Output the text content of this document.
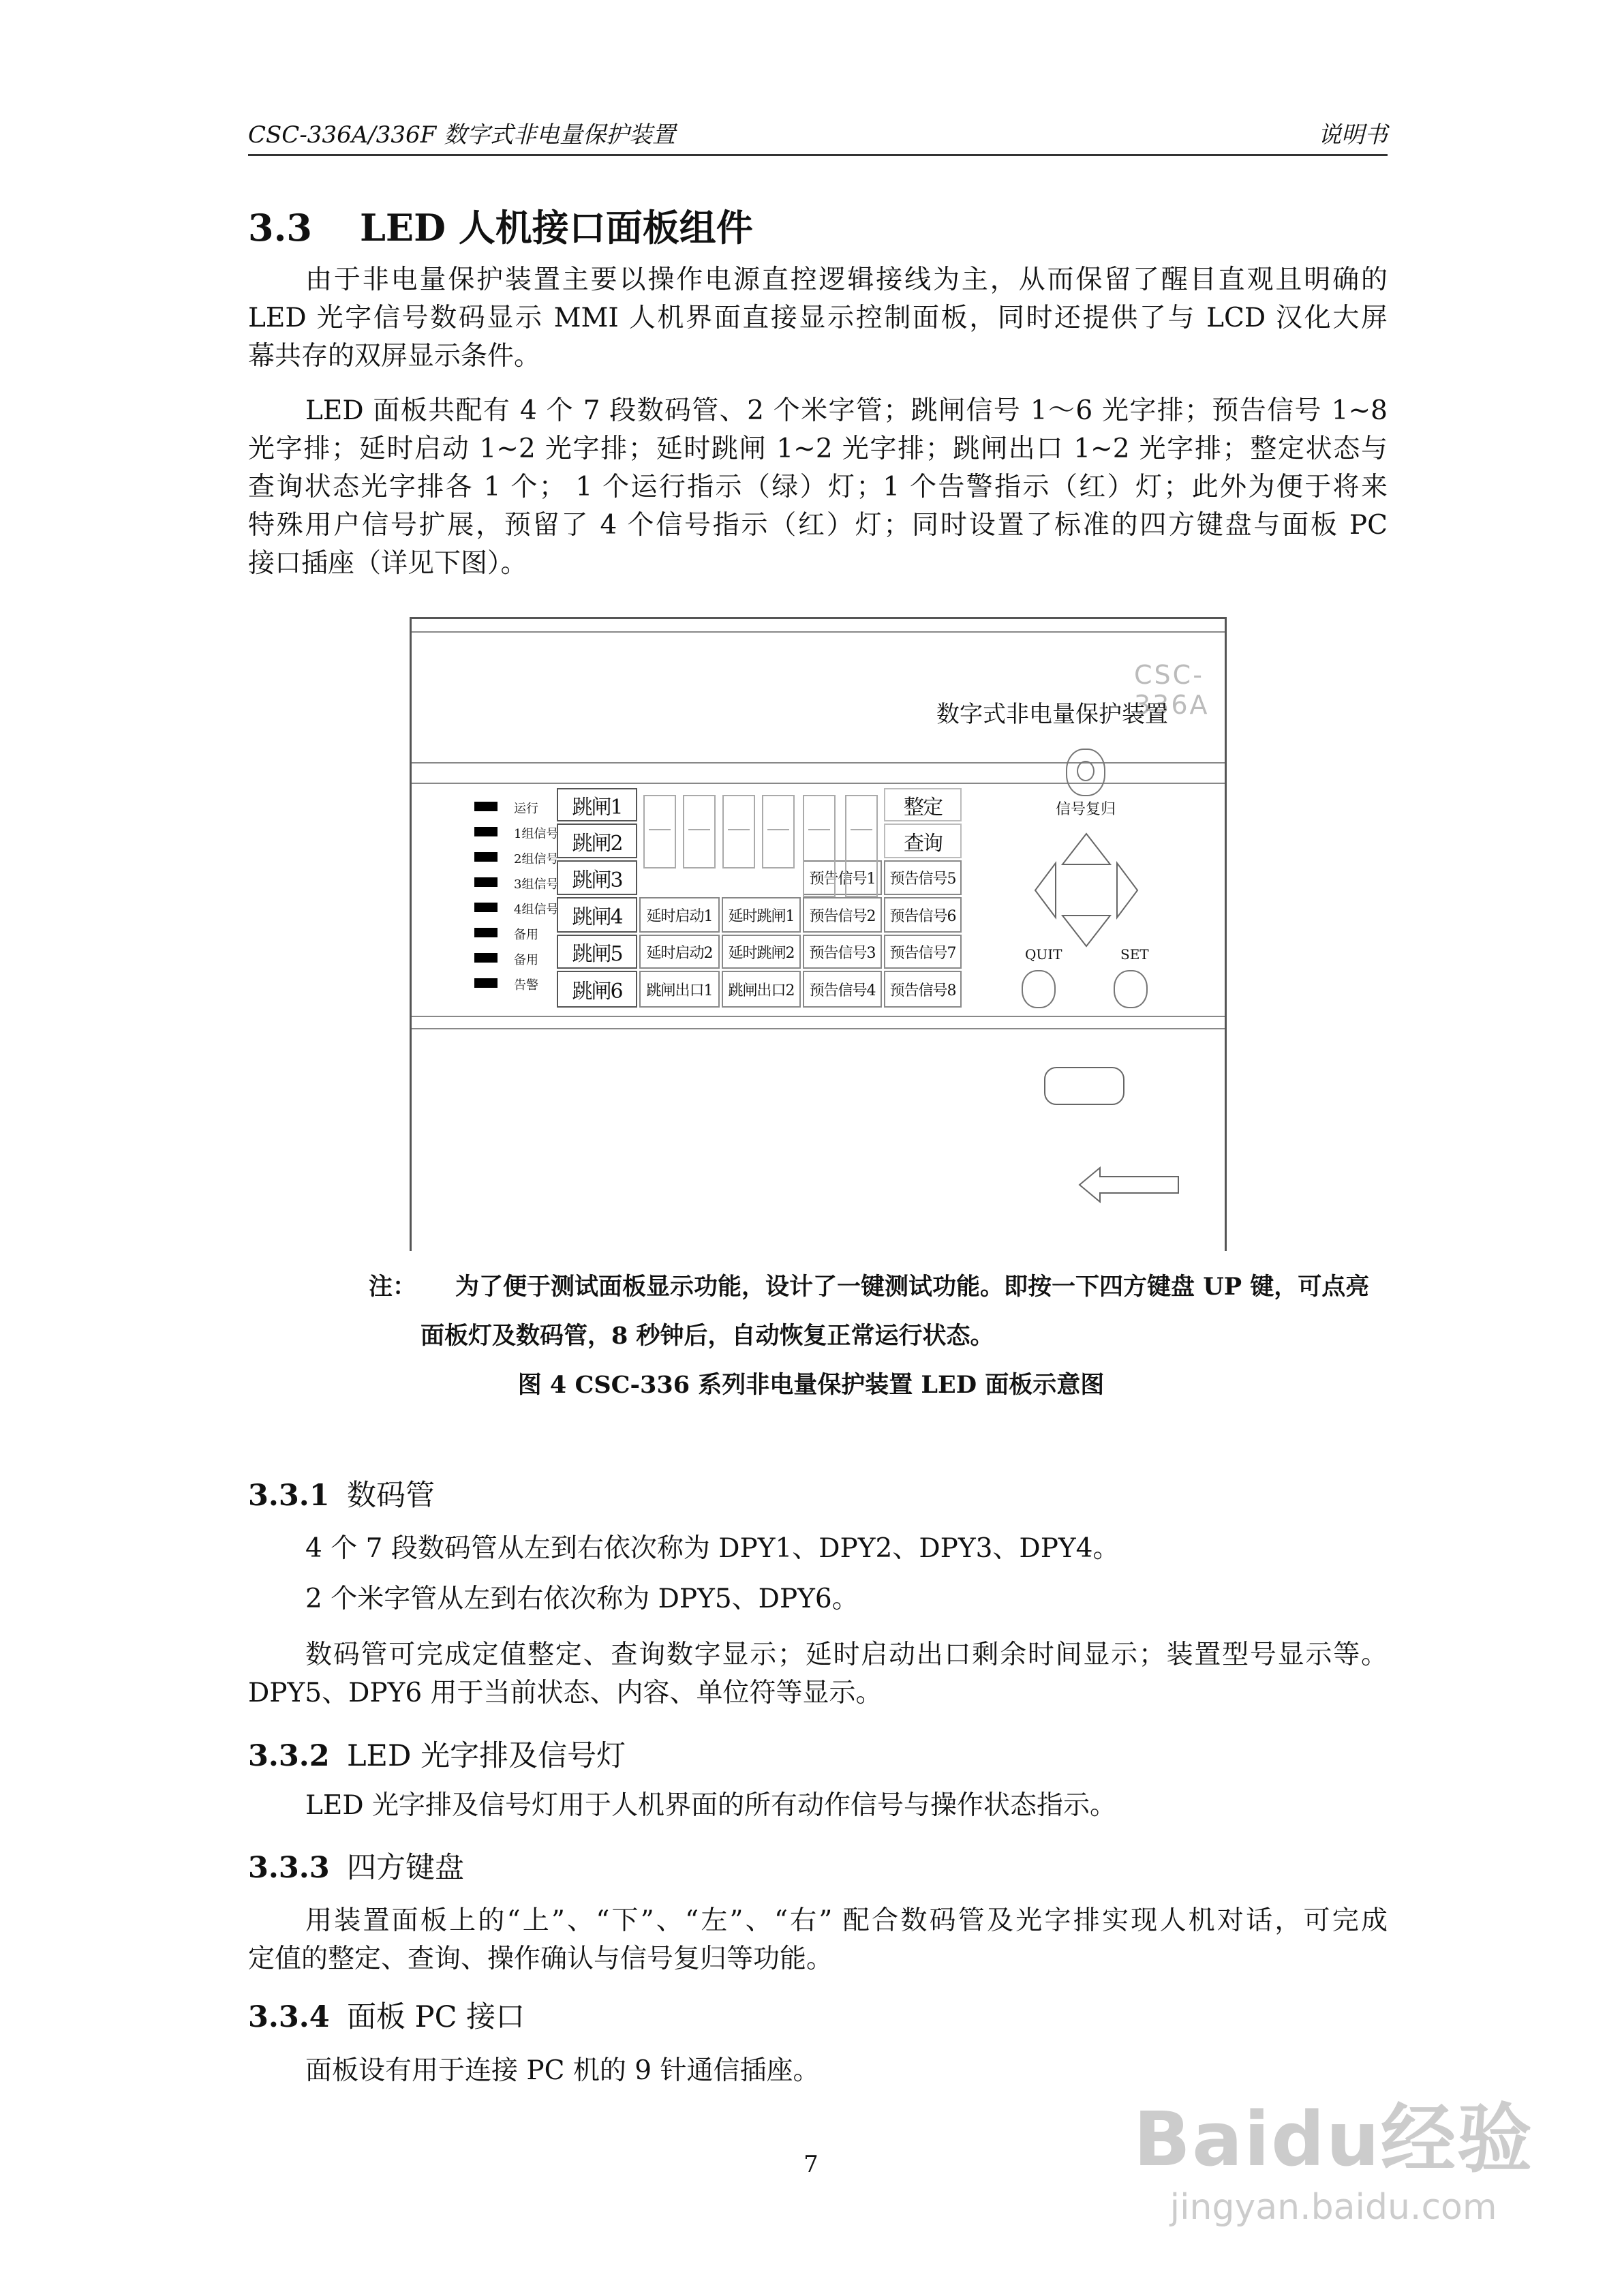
CSC-336A/336F 数字式非电量保护装置	说明书
3.3 LED 人机接口面板组件
由于非电量保护装置主要以操作电源直控逻辑接线为主，从而保留了醒目直观且明确的
LED 光字信号数码显示 MMI 人机界面直接显示控制面板，同时还提供了与 LCD 汉化大屏
幕共存的双屏显示条件。
LED 面板共配有 4 个 7 段数码管、2 个米字管；跳闸信号 1～6 光字排；预告信号 1~8
光字排；延时启动 1~2 光字排；延时跳闸 1~2 光字排；跳闸出口 1~2 光字排；整定状态与
查询状态光字排各 1 个； 1 个运行指示（绿）灯；1 个告警指示（红）灯；此外为便于将来
特殊用户信号扩展，预留了 4 个信号指示（红）灯；同时设置了标准的四方键盘与面板 PC
接口插座（详见下图）。
CSC-336A
数字式非电量保护装置
运行
1组信号
2组信号
3组信号
4组信号
备用
备用
告警
跳闸1
跳闸2
跳闸3
跳闸4
跳闸5
跳闸6
整定
查询
预告信号1
预告信号2
预告信号3
预告信号4
预告信号5
预告信号6
预告信号7
预告信号8
延时启动1
延时启动2
延时跳闸1
延时跳闸2
跳闸出口1	跳闸出口2
信号复归
QUIT	SET
注： 为了便于测试面板显示功能，设计了一键测试功能。即按一下四方键盘 UP 键，可点亮
面板灯及数码管，8 秒钟后，自动恢复正常运行状态。
图 4 CSC-336 系列非电量保护装置 LED 面板示意图
3.3.1 数码管
4 个 7 段数码管从左到右依次称为 DPY1、DPY2、DPY3、DPY4。
2 个米字管从左到右依次称为 DPY5、DPY6。
数码管可完成定值整定、查询数字显示；延时启动出口剩余时间显示；装置型号显示等。
DPY5、DPY6 用于当前状态、内容、单位符等显示。
3.3.2 LED 光字排及信号灯
LED 光字排及信号灯用于人机界面的所有动作信号与操作状态指示。
3.3.3 四方键盘
用装置面板上的“上”、“下”、“左”、“右” 配合数码管及光字排实现人机对话，可完成
定值的整定、查询、操作确认与信号复归等功能。
3.3.4 面板 PC 接口
面板设有用于连接 PC 机的 9 针通信插座。
7	Baidu经验
jingyan.baidu.com
